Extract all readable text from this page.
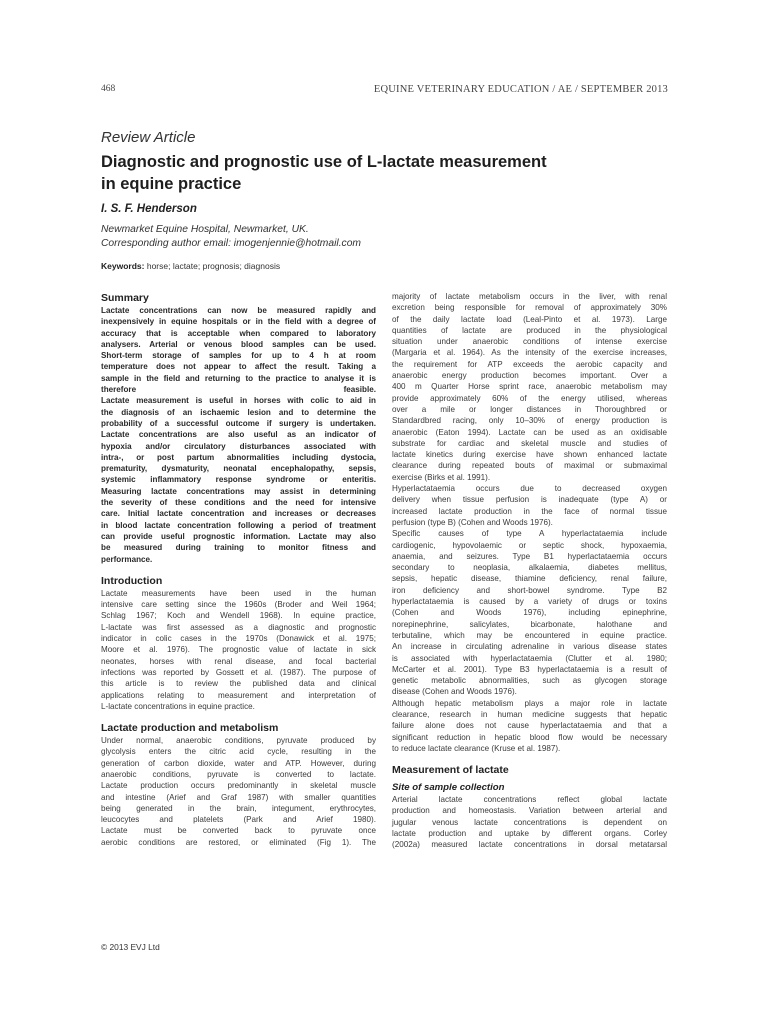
468	EQUINE VETERINARY EDUCATION / AE / SEPTEMBER 2013
Review Article
Diagnostic and prognostic use of L-lactate measurement
in equine practice
I. S. F. Henderson
Newmarket Equine Hospital, Newmarket, UK.
Corresponding author email: imogenjennie@hotmail.com
Keywords: horse; lactate; prognosis; diagnosis
Summary
Lactate concentrations can now be measured rapidly and
inexpensively in equine hospitals or in the field with a degree of
accuracy that is acceptable when compared to laboratory
analysers. Arterial or venous blood samples can be used.
Short-term storage of samples for up to 4 h at room
temperature does not appear to affect the result. Taking a
sample in the field and returning to the practice to analyse it is
therefore feasible.
Lactate measurement is useful in horses with colic to aid in
the diagnosis of an ischaemic lesion and to determine the
probability of a successful outcome if surgery is undertaken.
Lactate concentrations are also useful as an indicator of
hypoxia and/or circulatory disturbances associated with
intra-, or post partum abnormalities including dystocia,
prematurity, dysmaturity, neonatal encephalopathy, sepsis,
systemic inflammatory response syndrome or enteritis.
Measuring lactate concentrations may assist in determining
the severity of these conditions and the need for intensive
care. Initial lactate concentration and increases or decreases
in blood lactate concentration following a period of treatment
can provide useful prognostic information. Lactate may also
be measured during training to monitor fitness and
performance.
Introduction
Lactate measurements have been used in the human
intensive care setting since the 1960s (Broder and Weil 1964;
Schlag 1967; Koch and Wendell 1968). In equine practice,
L-lactate was first assessed as a diagnostic and prognostic
indicator in colic cases in the 1970s (Donawick et al. 1975;
Moore et al. 1976). The prognostic value of lactate in sick
neonates, horses with renal disease, and focal bacterial
infections was reported by Gossett et al. (1987). The purpose of
this article is to review the published data and clinical
applications relating to measurement and interpretation of
L-lactate concentrations in equine practice.
Lactate production and metabolism
Under normal, anaerobic conditions, pyruvate produced by
glycolysis enters the citric acid cycle, resulting in the
generation of carbon dioxide, water and ATP. However, during
anaerobic conditions, pyruvate is converted to lactate.
Lactate production occurs predominantly in skeletal muscle
and intestine (Arief and Graf 1987) with smaller quantities
being generated in the brain, integument, erythrocytes,
leucocytes and platelets (Park and Arief 1980).
Lactate must be converted back to pyruvate once
aerobic conditions are restored, or eliminated (Fig 1). The
majority of lactate metabolism occurs in the liver, with renal
excretion being responsible for removal of approximately 30%
of the daily lactate load (Leal-Pinto et al. 1973). Large
quantities of lactate are produced in the physiological
situation under anaerobic conditions of intense exercise
(Margaria et al. 1964). As the intensity of the exercise increases,
the requirement for ATP exceeds the aerobic capacity and
anaerobic energy production becomes important. Over a
400 m Quarter Horse sprint race, anaerobic metabolism may
provide approximately 60% of the energy utilised, whereas
over a mile or longer distances in Thoroughbred or
Standardbred racing, only 10–30% of energy production is
anaerobic (Eaton 1994). Lactate can be used as an oxidisable
substrate for cardiac and skeletal muscle and studies of
lactate kinetics during exercise have shown enhanced lactate
clearance during repeated bouts of maximal or submaximal
exercise (Birks et al. 1991).
Hyperlactataemia occurs due to decreased oxygen
delivery when tissue perfusion is inadequate (type A) or
increased lactate production in the face of normal tissue
perfusion (type B) (Cohen and Woods 1976).
Specific causes of type A hyperlactataemia include
cardiogenic, hypovolaemic or septic shock, hypoxaemia,
anaemia, and seizures. Type B1 hyperlactataemia occurs
secondary to neoplasia, alkalaemia, diabetes mellitus,
sepsis, hepatic disease, thiamine deficiency, renal failure,
iron deficiency and short-bowel syndrome. Type B2
hyperlactataemia is caused by a variety of drugs or toxins
(Cohen and Woods 1976), including epinephrine,
norepinephrine, salicylates, bicarbonate, halothane and
terbutaline, which may be encountered in equine practice.
An increase in circulating adrenaline in various disease states
is associated with hyperlactataemia (Clutter et al. 1980;
McCarter et al. 2001). Type B3 hyperlactataemia is a result of
genetic metabolic abnormalities, such as glycogen storage
disease (Cohen and Woods 1976).
Although hepatic metabolism plays a major role in lactate
clearance, research in human medicine suggests that hepatic
failure alone does not cause hyperlactataemia and that a
significant reduction in hepatic blood flow would be necessary
to reduce lactate clearance (Kruse et al. 1987).
Measurement of lactate
Site of sample collection
Arterial lactate concentrations reflect global lactate
production and homeostasis. Variation between arterial and
jugular venous lactate concentrations is dependent on
lactate production and uptake by different organs. Corley
(2002a) measured lactate concentrations in dorsal metatarsal
© 2013 EVJ Ltd
